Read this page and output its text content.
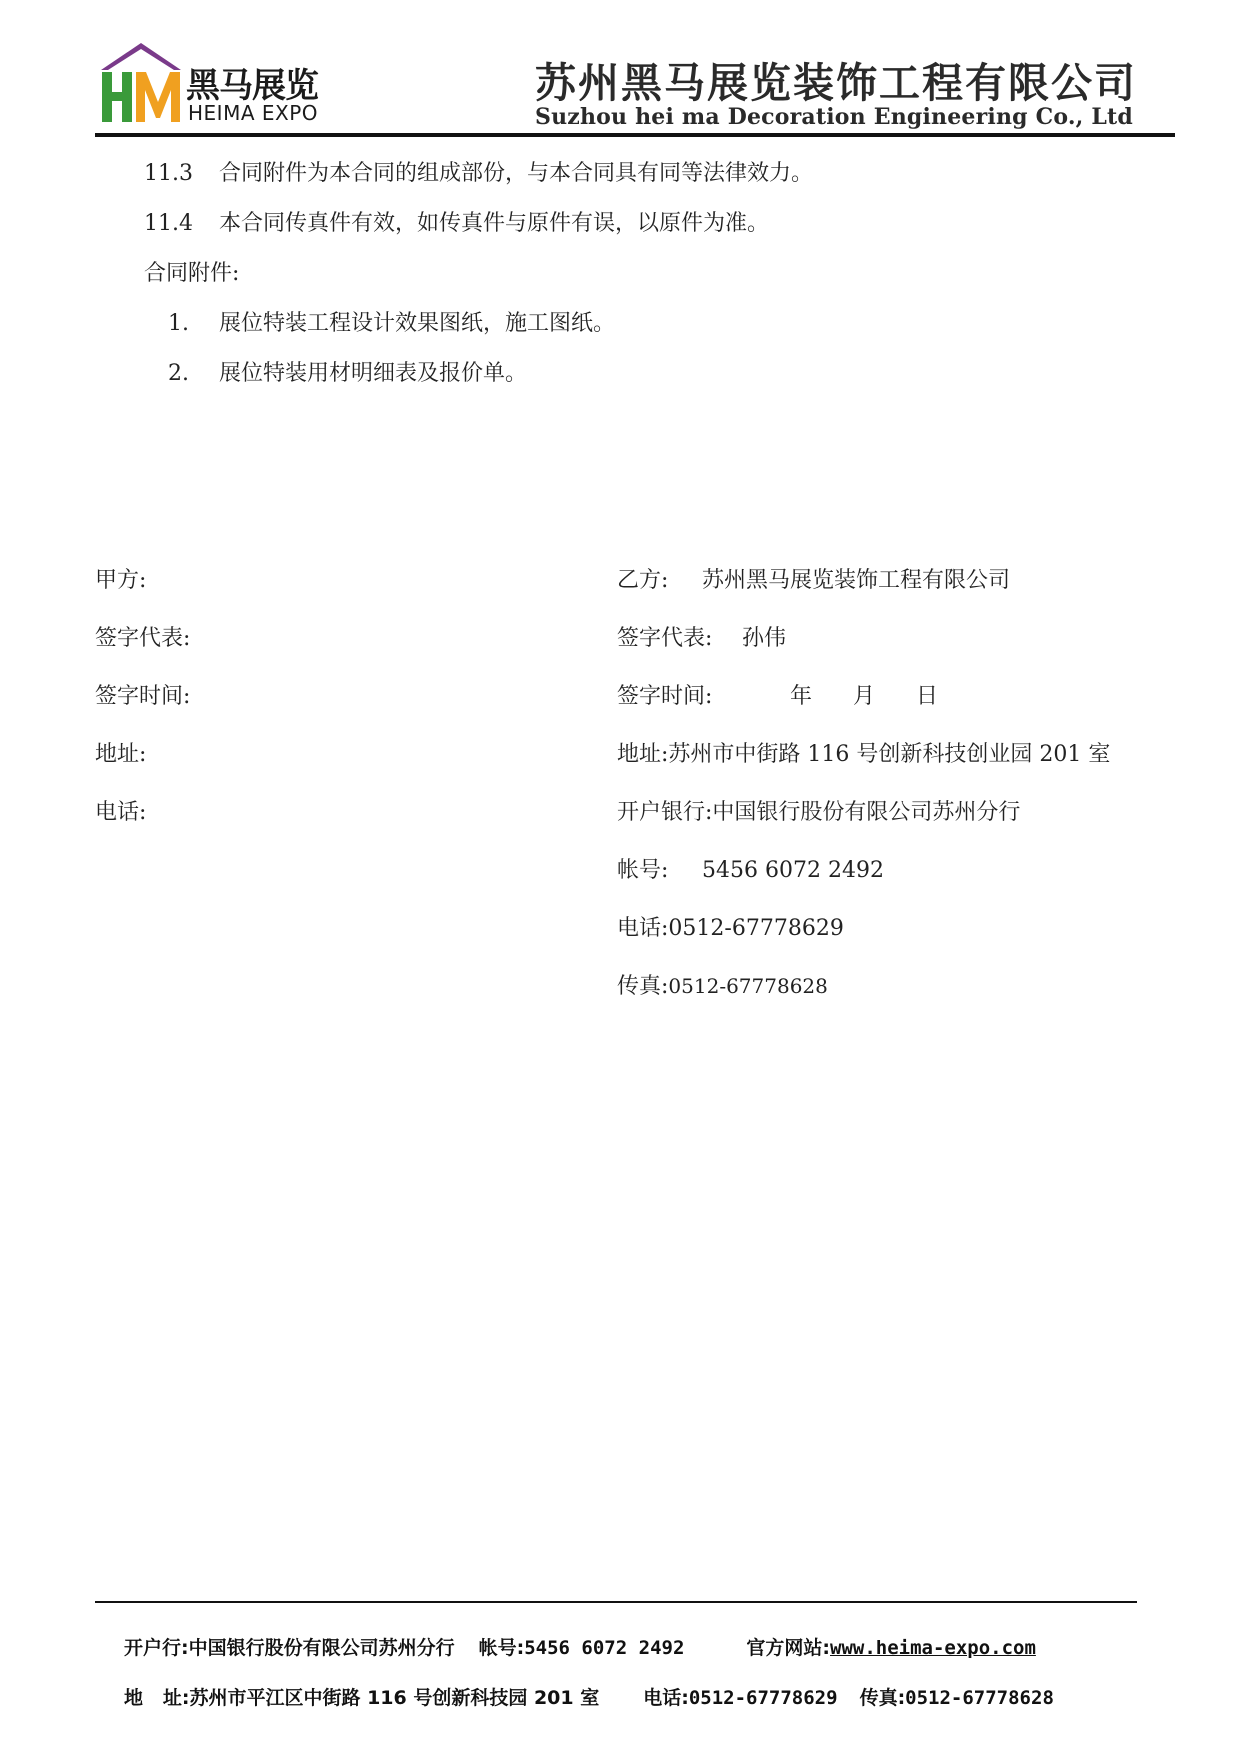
黑马展览
HEIMA EXPO
苏州黑马展览装饰工程有限公司
Suzhou hei ma Decoration Engineering Co., Ltd
11.3 合同附件为本合同的组成部份，与本合同具有同等法律效力。
11.4 本合同传真件有效，如传真件与原件有误，以原件为准。
合同附件:
1. 展位特装工程设计效果图纸，施工图纸。
2. 展位特装用材明细表及报价单。
甲方:
签字代表:
签字时间:
地址:
电话:
乙方: 苏州黑马展览装饰工程有限公司
签字代表: 孙伟
签字时间:	年 月 日
地址:苏州市中街路 116 号创新科技创业园 201 室
开户银行:中国银行股份有限公司苏州分行
帐号: 5456 6072 2492
电话:0512-67778629
传真:0512-67778628
开户行:中国银行股份有限公司苏州分行 帐号:5456 6072 2492	官方网站:www.heima-expo.com
地   址:苏州市平江区中街路 116 号创新科技园 201 室 电话:0512-67778629 传真:0512-67778628
